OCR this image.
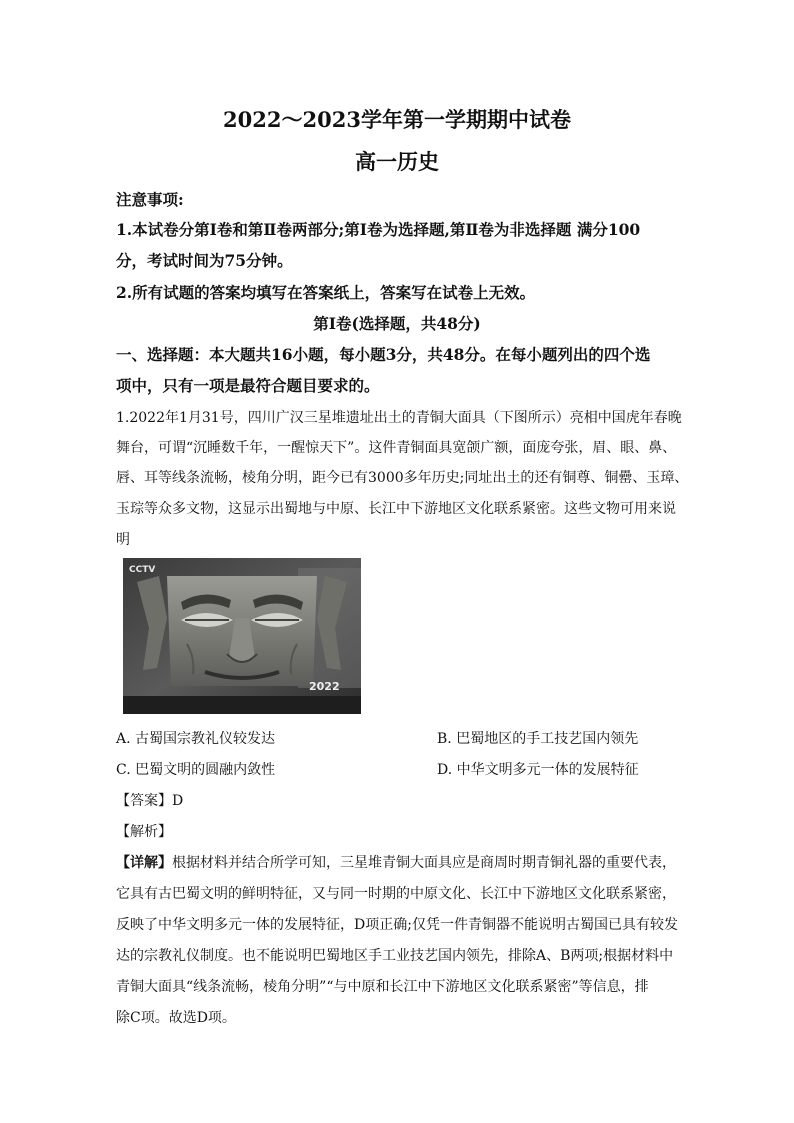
2022～2023学年第一学期期中试卷
高一历史
注意事项:
1.本试卷分第Ⅰ卷和第Ⅱ卷两部分;第Ⅰ卷为选择题,第Ⅱ卷为非选择题 满分100
分，考试时间为75分钟。
2.所有试题的答案均填写在答案纸上，答案写在试卷上无效。
第Ⅰ卷(选择题，共48分)
一、选择题：本大题共16小题，每小题3分，共48分。在每小题列出的四个选
项中，只有一项是最符合题目要求的。
1.2022年1月31号，四川广汉三星堆遗址出土的青铜大面具（下图所示）亮相中国虎年春晚
舞台，可谓“沉睡数千年，一醒惊天下”。这件青铜面具宽颌广额，面庞夸张，眉、眼、鼻、
唇、耳等线条流畅，棱角分明，距今已有3000多年历史;同址出土的还有铜尊、铜罍、玉璋、
玉琮等众多文物，这显示出蜀地与中原、长江中下游地区文化联系紧密。这些文物可用来说
明
CCTV
2022
A. 古蜀国宗教礼仪较发达	B. 巴蜀地区的手工技艺国内领先
C. 巴蜀文明的圆融内敛性	D. 中华文明多元一体的发展特征
【答案】D
【解析】
【详解】根据材料并结合所学可知，三星堆青铜大面具应是商周时期青铜礼器的重要代表，
它具有古巴蜀文明的鲜明特征，又与同一时期的中原文化、长江中下游地区文化联系紧密，
反映了中华文明多元一体的发展特征，D项正确;仅凭一件青铜器不能说明古蜀国已具有较发
达的宗教礼仪制度。也不能说明巴蜀地区手工业技艺国内领先，排除A、B两项;根据材料中
青铜大面具“线条流畅，棱角分明”“与中原和长江中下游地区文化联系紧密”等信息，排
除C项。故选D项。
